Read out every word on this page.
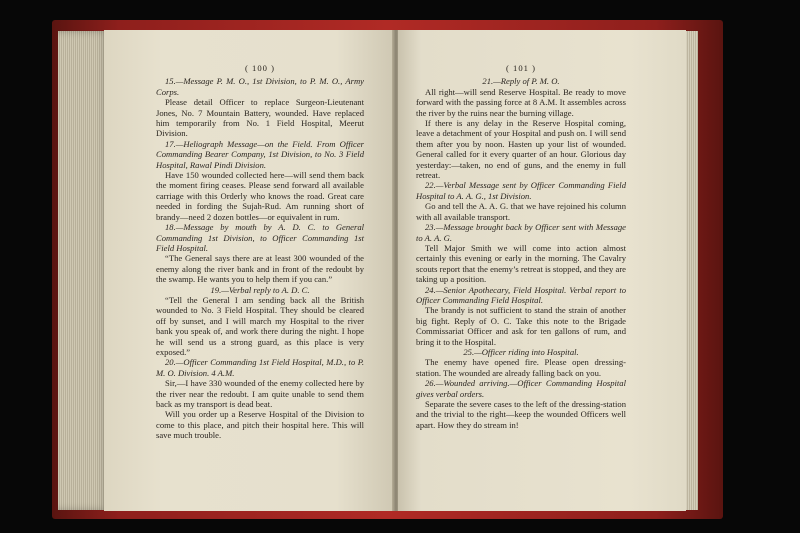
( 100 )

15.—Message P. M. O., 1st Division, to P. M. O., Army Corps.

Please detail Officer to replace Surgeon-Lieutenant Jones, No. 7 Mountain Battery, wounded. Have replaced him temporarily from No. 1 Field Hospital, Meerut Division.

17.—Heliograph Message—on the Field. From Officer Commanding Bearer Company, 1st Division, to No. 3 Field Hospital, Rawal Pindi Division.

Have 150 wounded collected here—will send them back the moment firing ceases. Please send forward all available carriage with this Orderly who knows the road. Great care needed in fording the Sujah-Rud. Am running short of brandy—need 2 dozen bottles—or equivalent in rum.

18.—Message by mouth by A. D. C. to General Commanding 1st Division, to Officer Commanding 1st Field Hospital.

“The General says there are at least 300 wounded of the enemy along the river bank and in front of the redoubt by the swamp. He wants you to help them if you can.”

19.—Verbal reply to A. D. C.

“Tell the General I am sending back all the British wounded to No. 3 Field Hospital. They should be cleared off by sunset, and I will march my Hospital to the river bank you speak of, and work there during the night. I hope he will send us a strong guard, as this place is very exposed.”

20.—Officer Commanding 1st Field Hospital, M.D., to P. M. O. Division. 4 A.M.

Sir,—I have 330 wounded of the enemy collected here by the river near the redoubt. I am quite unable to send them back as my transport is dead beat.

Will you order up a Reserve Hospital of the Division to come to this place, and pitch their hospital here. This will save much trouble.

( 101 )

21.—Reply of P. M. O.

All right—will send Reserve Hospital. Be ready to move forward with the passing force at 8 A.M. It assembles across the river by the ruins near the burning village.

If there is any delay in the Reserve Hospital coming, leave a detachment of your Hospital and push on. I will send them after you by noon. Hasten up your list of wounded. General called for it every quarter of an hour. Glorious day yesterday:—taken, no end of guns, and the enemy in full retreat.

22.—Verbal Message sent by Officer Commanding Field Hospital to A. A. G., 1st Division.

Go and tell the A. A. G. that we have rejoined his column with all available transport.

23.—Message brought back by Officer sent with Message to A. A. G.

Tell Major Smith we will come into action almost certainly this evening or early in the morning. The Cavalry scouts report that the enemy’s retreat is stopped, and they are taking up a position.

24.—Senior Apothecary, Field Hospital. Verbal report to Officer Commanding Field Hospital.

The brandy is not sufficient to stand the strain of another big fight. Reply of O. C. Take this note to the Brigade Commissariat Officer and ask for ten gallons of rum, and bring it to the Hospital.

25.—Officer riding into Hospital.

The enemy have opened fire. Please open dressing-station. The wounded are already falling back on you.

26.—Wounded arriving.—Officer Commanding Hospital gives verbal orders.

Separate the severe cases to the left of the dressing-station and the trivial to the right—keep the wounded Officers well apart. How they do stream in!
